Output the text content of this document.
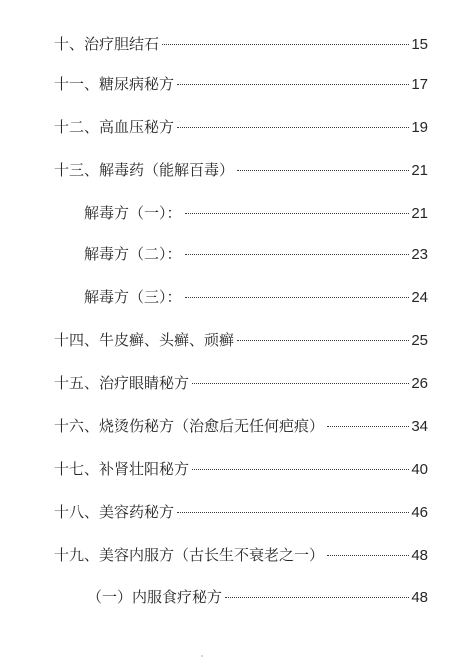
十、治疗胆结石	15
十一、糖尿病秘方	17
十二、高血压秘方	19
十三、解毒药（能解百毒）	21
解毒方（一）：	21
解毒方（二）：	23
解毒方（三）：	24
十四、牛皮癣、头癣、顽癣	25
十五、治疗眼睛秘方	26
十六、烧烫伤秘方（治愈后无任何疤痕）	34
十七、补肾壮阳秘方	40
十八、美容药秘方	46
十九、美容内服方（古长生不衰老之一）	48
（一）内服食疗秘方	48
